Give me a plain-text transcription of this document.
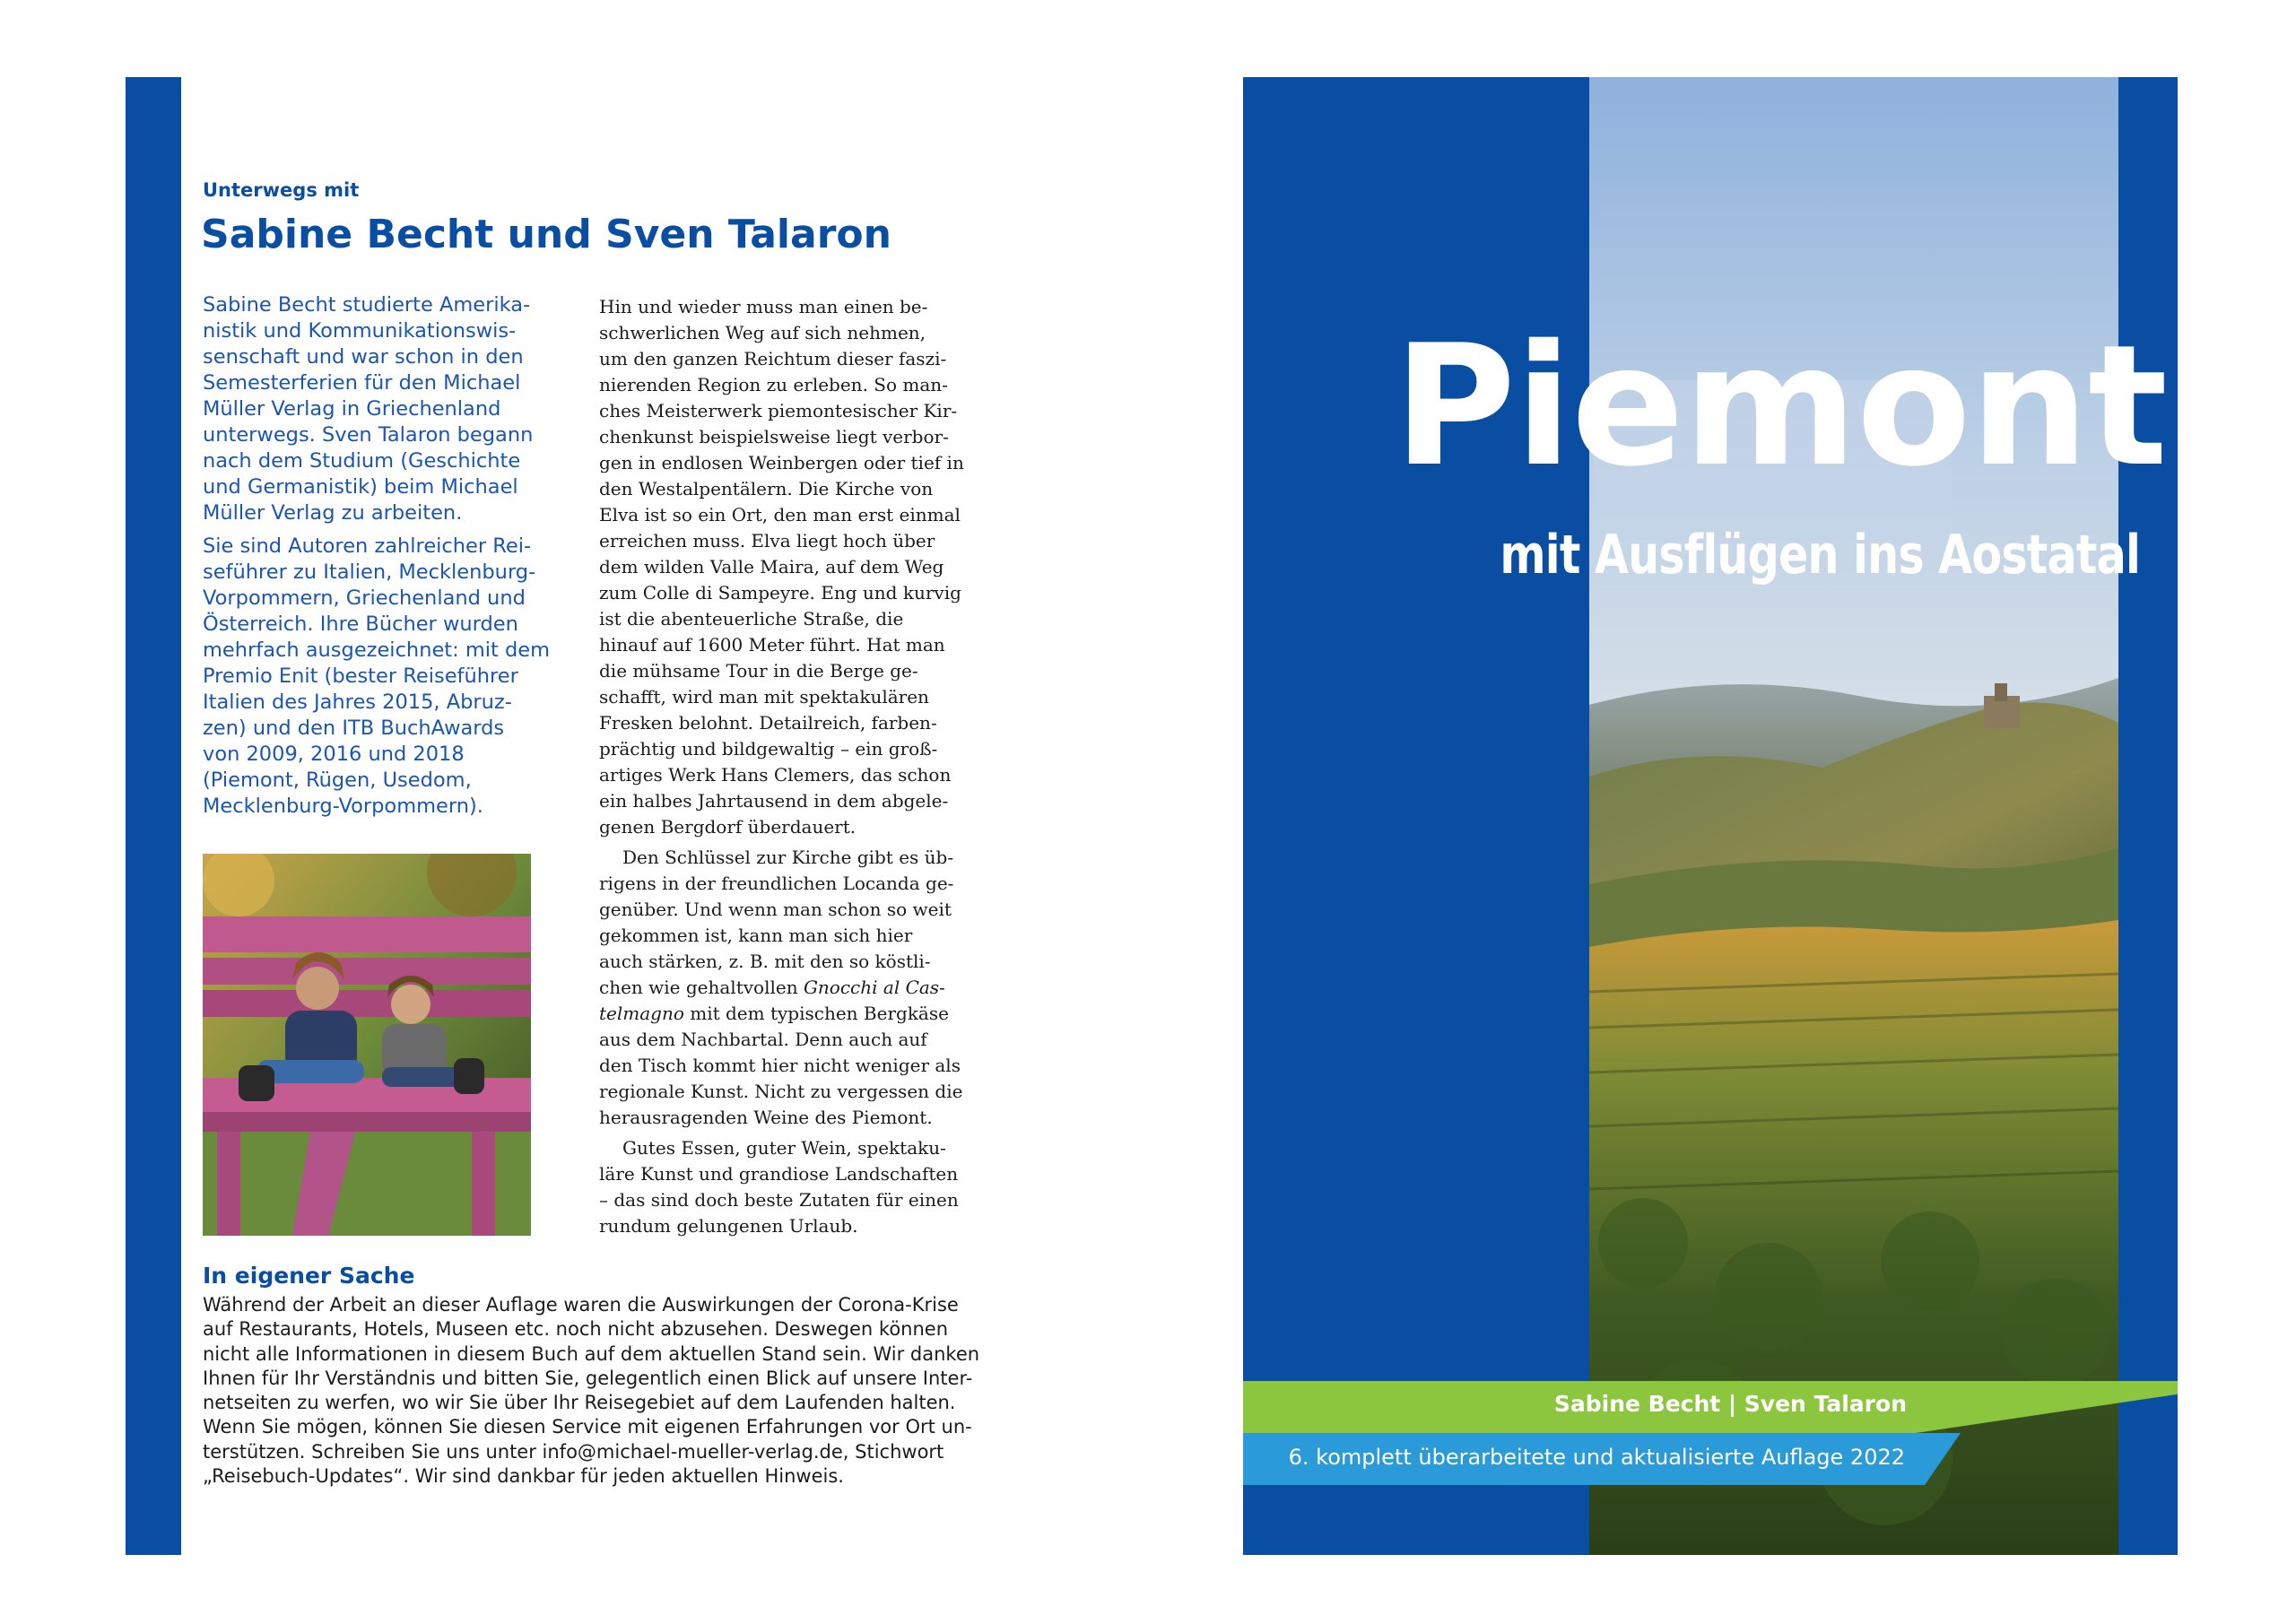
Unterwegs mit
Sabine Becht und Sven Talaron
Sabine Becht studierte Amerika-
nistik und Kommunikationswis-
senschaft und war schon in den
Semesterferien für den Michael
Müller Verlag in Griechenland
unterwegs. Sven Talaron begann
nach dem Studium (Geschichte
und Germanistik) beim Michael
Müller Verlag zu arbeiten.
Sie sind Autoren zahlreicher Rei-
seführer zu Italien, Mecklenburg-
Vorpommern, Griechenland und
Österreich. Ihre Bücher wurden
mehrfach ausgezeichnet: mit dem
Premio Enit (bester Reiseführer
Italien des Jahres 2015, Abruz-
zen) und den ITB BuchAwards
von 2009, 2016 und 2018
(Piemont, Rügen, Usedom,
Mecklenburg-Vorpommern).
Hin und wieder muss man einen be-
schwerlichen Weg auf sich nehmen,
um den ganzen Reichtum dieser faszi-
nierenden Region zu erleben. So man-
ches Meisterwerk piemontesischer Kir-
chenkunst beispielsweise liegt verbor-
gen in endlosen Weinbergen oder tief in
den Westalpentälern. Die Kirche von
Elva ist so ein Ort, den man erst einmal
erreichen muss. Elva liegt hoch über
dem wilden Valle Maira, auf dem Weg
zum Colle di Sampeyre. Eng und kurvig
ist die abenteuerliche Straße, die
hinauf auf 1600 Meter führt. Hat man
die mühsame Tour in die Berge ge-
schafft, wird man mit spektakulären
Fresken belohnt. Detailreich, farben-
prächtig und bildgewaltig – ein groß-
artiges Werk Hans Clemers, das schon
ein halbes Jahrtausend in dem abgele-
genen Bergdorf überdauert.
Den Schlüssel zur Kirche gibt es üb-
rigens in der freundlichen Locanda ge-
genüber. Und wenn man schon so weit
gekommen ist, kann man sich hier
auch stärken, z. B. mit den so köstli-
chen wie gehaltvollen Gnocchi al Cas-
telmagno mit dem typischen Bergkäse
aus dem Nachbartal. Denn auch auf
den Tisch kommt hier nicht weniger als
regionale Kunst. Nicht zu vergessen die
herausragenden Weine des Piemont.
Gutes Essen, guter Wein, spektaku-
läre Kunst und grandiose Landschaften
– das sind doch beste Zutaten für einen
rundum gelungenen Urlaub.
In eigener Sache
Während der Arbeit an dieser Auflage waren die Auswirkungen der Corona-Krise
auf Restaurants, Hotels, Museen etc. noch nicht abzusehen. Deswegen können
nicht alle Informationen in diesem Buch auf dem aktuellen Stand sein. Wir danken
Ihnen für Ihr Verständnis und bitten Sie, gelegentlich einen Blick auf unsere Inter-
netseiten zu werfen, wo wir Sie über Ihr Reisegebiet auf dem Laufenden halten.
Wenn Sie mögen, können Sie diesen Service mit eigenen Erfahrungen vor Ort un-
terstützen. Schreiben Sie uns unter info@michael-mueller-verlag.de, Stichwort
„Reisebuch-Updates“. Wir sind dankbar für jeden aktuellen Hinweis.
Piemont
mit Ausflügen ins Aostatal
Sabine Becht | Sven Talaron
6. komplett überarbeitete und aktualisierte Auflage 2022
